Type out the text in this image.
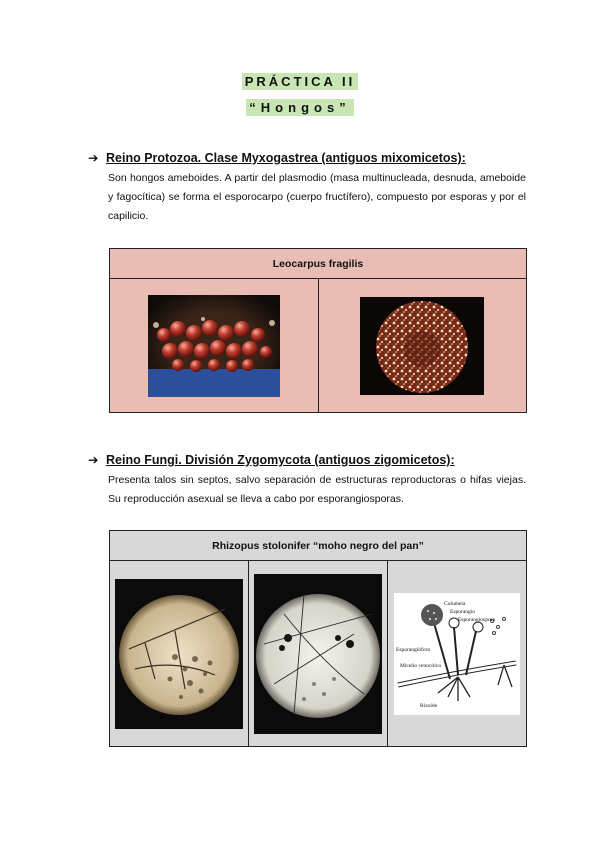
PRÁCTICA II
“Hongos”
➔ Reino Protozoa. Clase Myxogastrea (antiguos mixomicetos):

Son hongos ameboides. A partir del plasmodio (masa multinucleada, desnuda, ameboide y fagocítica) se forma el esporocarpo (cuerpo fructífero), compuesto por esporas y por el capilicio.

Leocarpus fragilis

➔ Reino Fungi. División Zygomycota (antiguos zigomicetos):

Presenta talos sin septos, salvo separación de estructuras reproductoras o hifas viejas. Su reproducción asexual se lleva a cabo por esporangiosporas.

Rhizopus stolonifer “moho negro del pan”

Columela
Esporangio
Esporangiospora
Esporangióforo
Micelio cenocítico
Rizoide
